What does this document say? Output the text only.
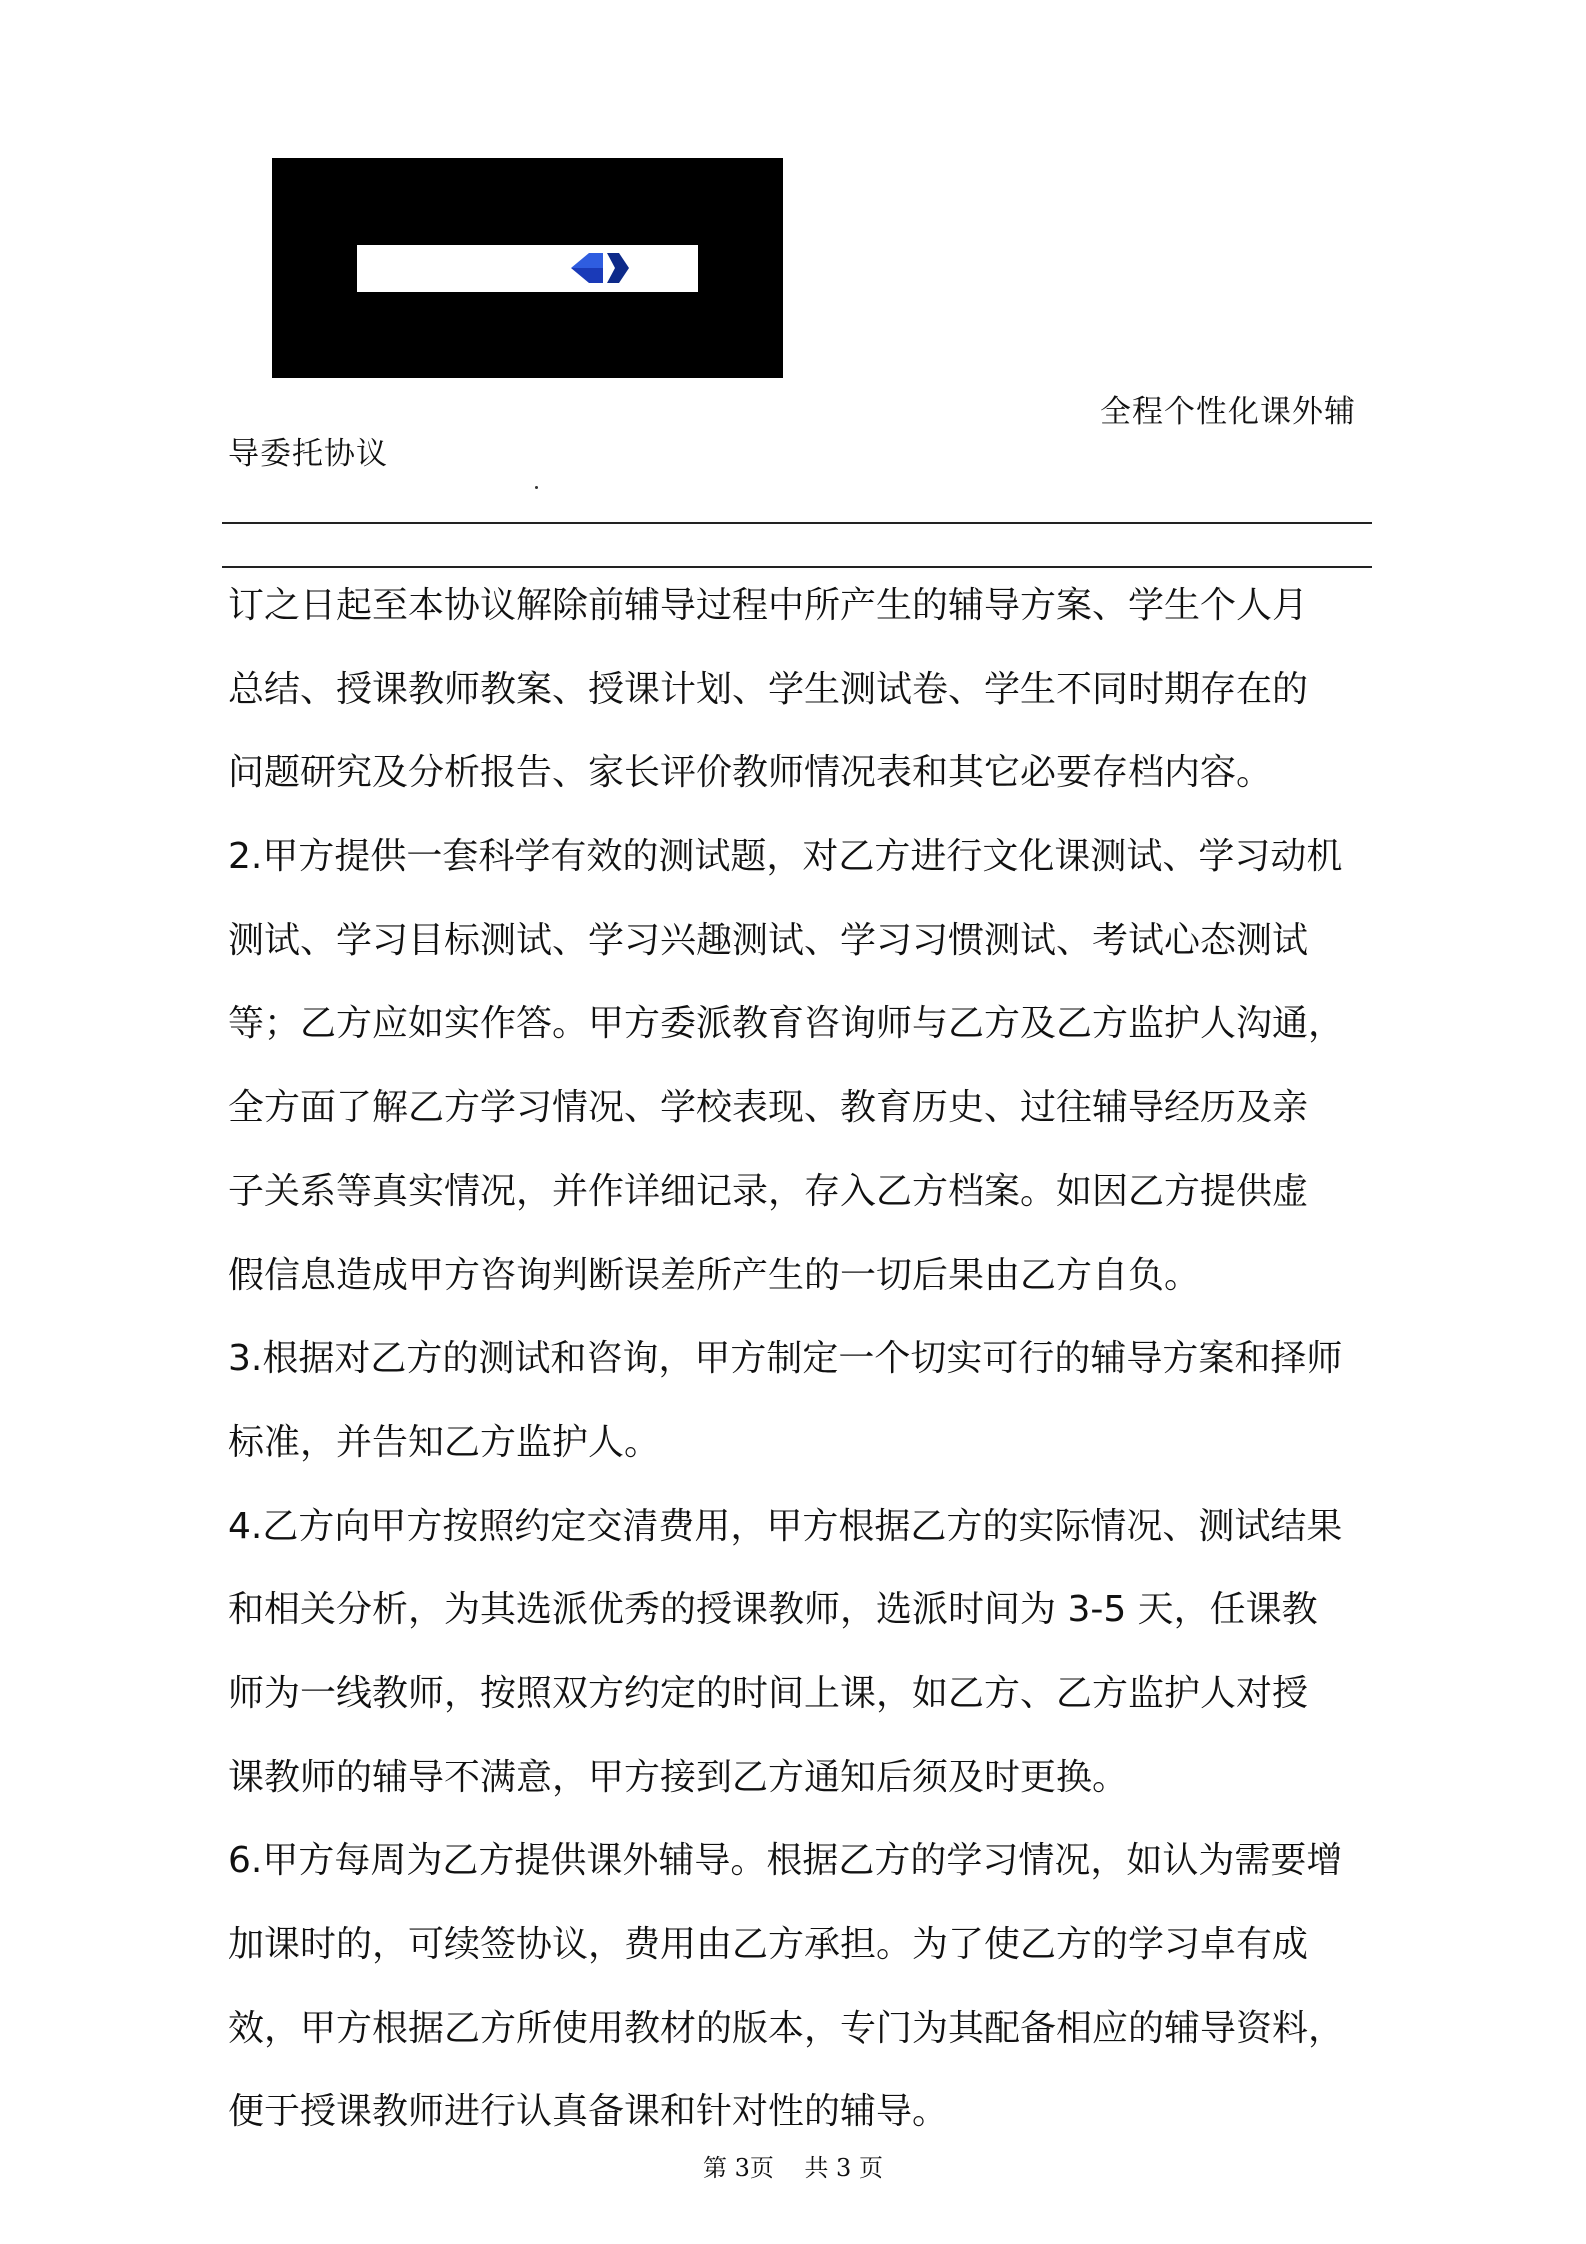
全程个性化课外辅
导委托协议
订之日起至本协议解除前辅导过程中所产生的辅导方案、学生个人月
总结、授课教师教案、授课计划、学生测试卷、学生不同时期存在的
问题研究及分析报告、家长评价教师情况表和其它必要存档内容。
2.甲方提供一套科学有效的测试题，对乙方进行文化课测试、学习动机
测试、学习目标测试、学习兴趣测试、学习习惯测试、考试心态测试
等；乙方应如实作答。甲方委派教育咨询师与乙方及乙方监护人沟通，
全方面了解乙方学习情况、学校表现、教育历史、过往辅导经历及亲
子关系等真实情况，并作详细记录，存入乙方档案。如因乙方提供虚
假信息造成甲方咨询判断误差所产生的一切后果由乙方自负。
3.根据对乙方的测试和咨询，甲方制定一个切实可行的辅导方案和择师
标准，并告知乙方监护人。
4.乙方向甲方按照约定交清费用，甲方根据乙方的实际情况、测试结果
和相关分析，为其选派优秀的授课教师，选派时间为 3-5 天，任课教
师为一线教师，按照双方约定的时间上课，如乙方、乙方监护人对授
课教师的辅导不满意，甲方接到乙方通知后须及时更换。
6.甲方每周为乙方提供课外辅导。根据乙方的学习情况，如认为需要增
加课时的，可续签协议，费用由乙方承担。为了使乙方的学习卓有成
效，甲方根据乙方所使用教材的版本，专门为其配备相应的辅导资料，
便于授课教师进行认真备课和针对性的辅导。
第 3页    共 3 页
